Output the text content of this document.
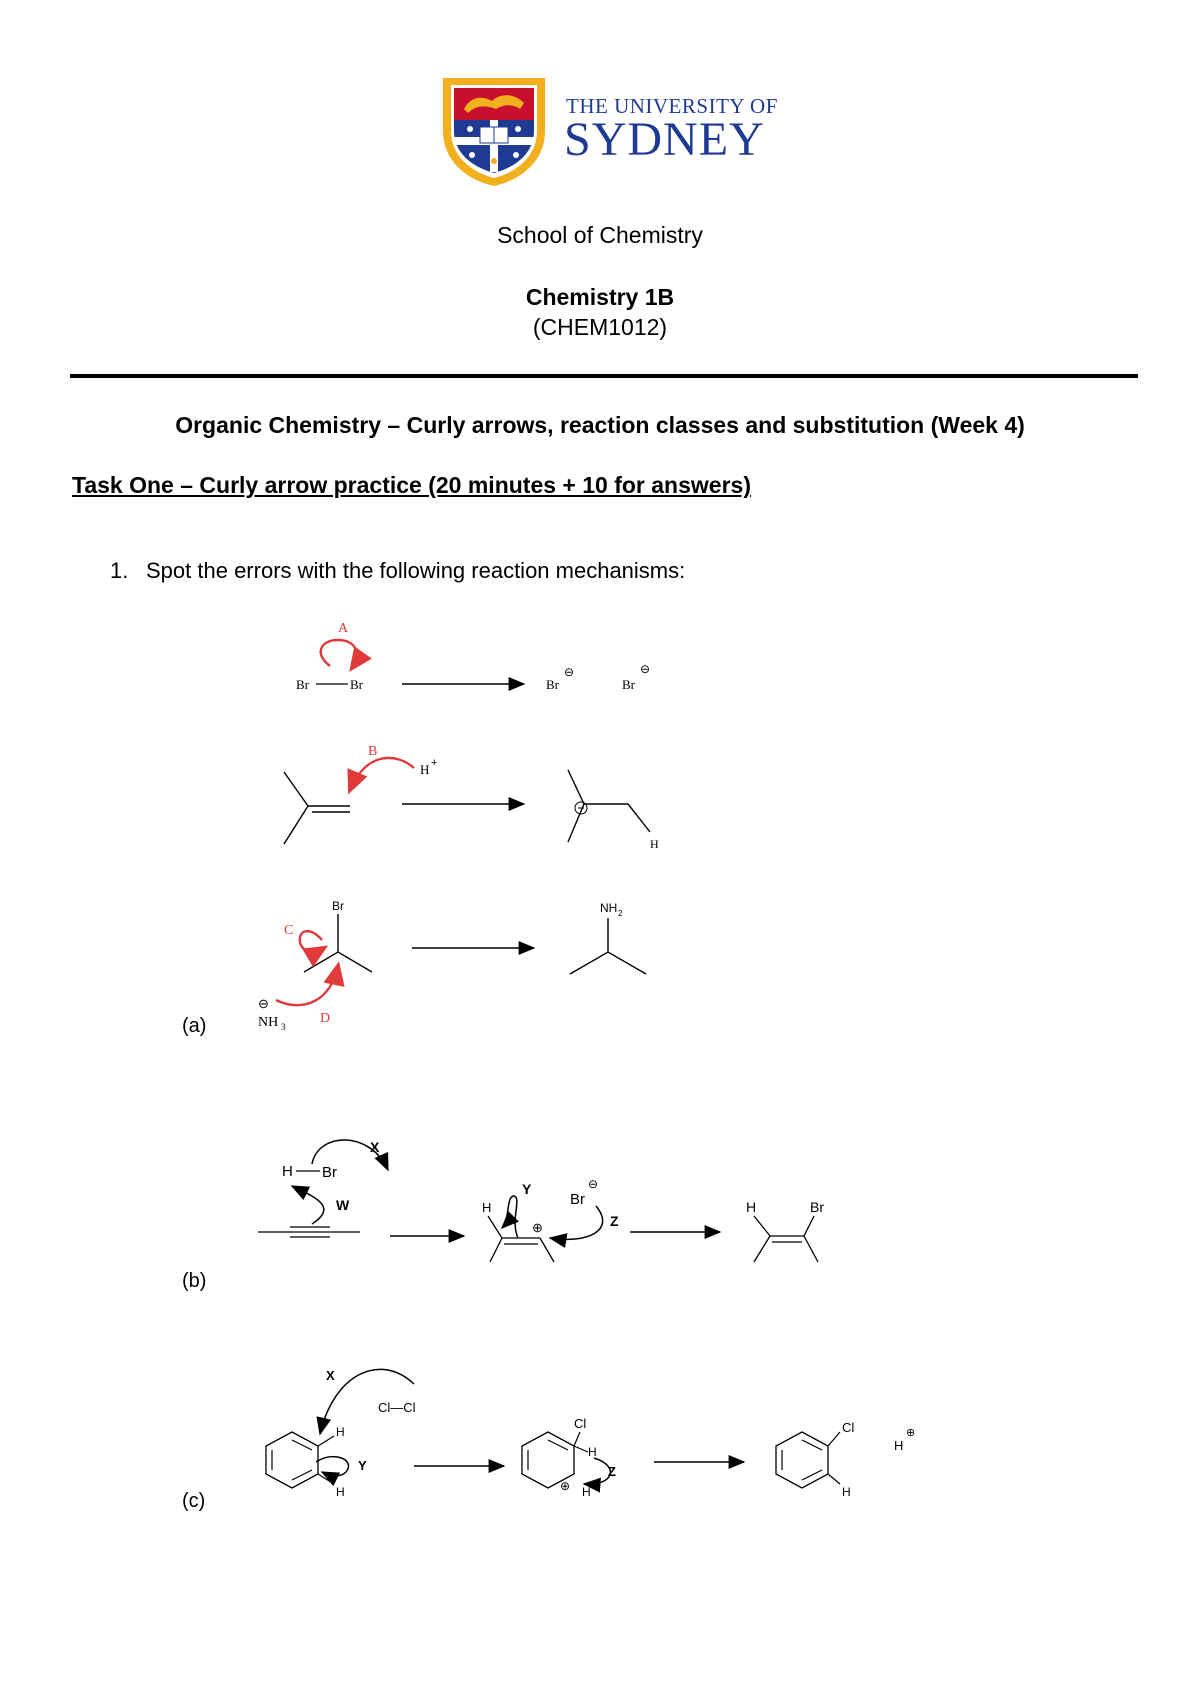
THE UNIVERSITY OF
SYDNEY
School of Chemistry
Chemistry 1B
(CHEM1012)
Organic Chemistry – Curly arrows, reaction classes and substitution (Week 4)
Task One – Curly arrow practice (20 minutes + 10 for answers)
1. Spot the errors with the following reaction mechanisms:
(a)
A
Br	Br	Br
⊖
Br
⊖
B
H +
H
Br
C
D
⊖
NH 3
NH 2
(b)
H Br
X
W	H
⊕
Y
Br
⊖
Z
H	Br
(c)
X
Cl—Cl
H
H
Y
Cl
H
H
⊕
Z
Cl
H
H
⊕
